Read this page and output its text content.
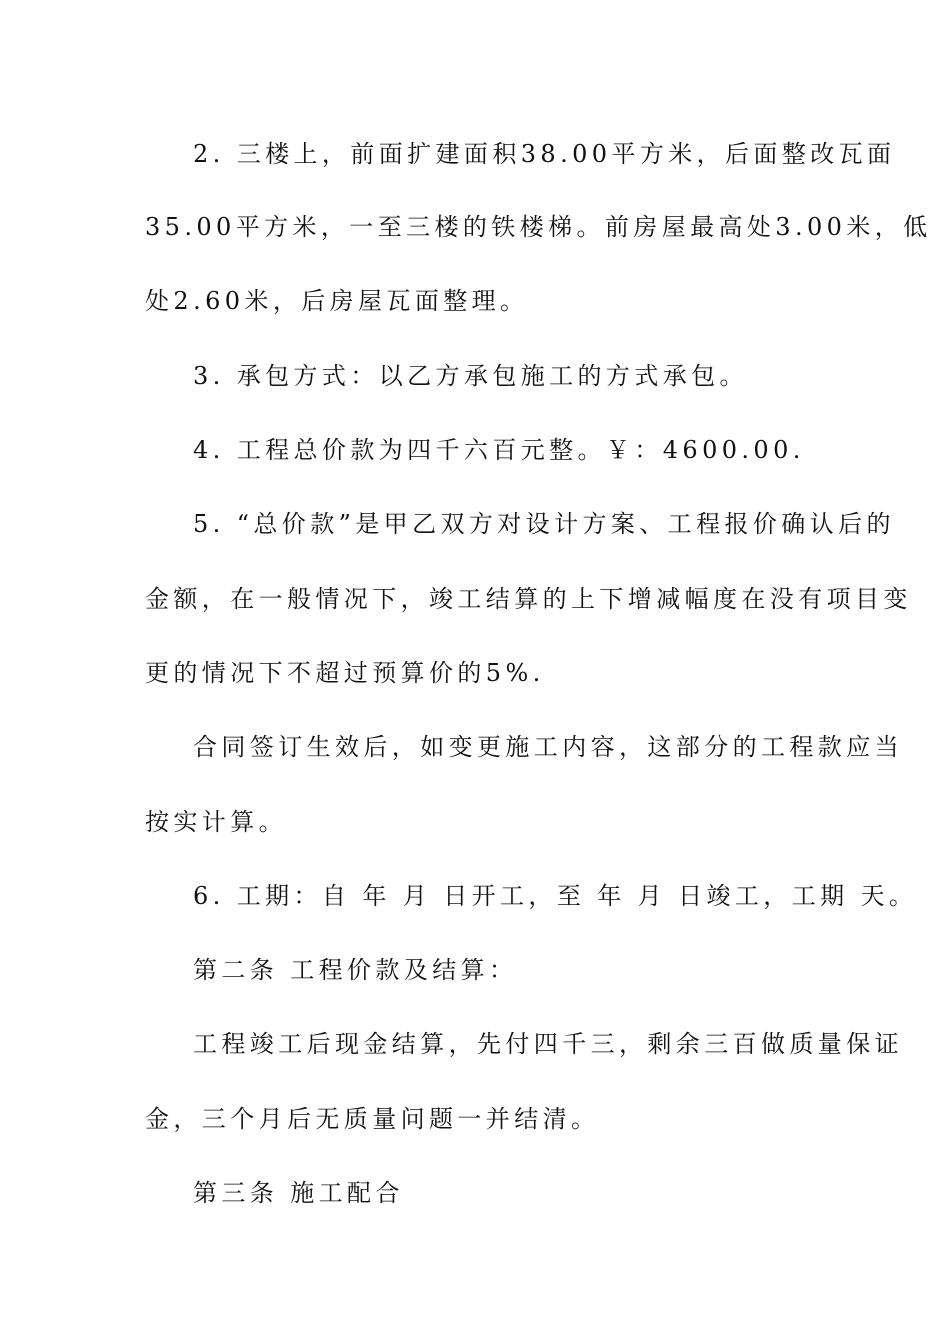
2. 三楼上，前面扩建面积38.00平方米，后面整改瓦面
35.00平方米，一至三楼的铁楼梯。前房屋最高处3.00米，低
处2.60米，后房屋瓦面整理。
3. 承包方式：以乙方承包施工的方式承包。
4. 工程总价款为四千六百元整。￥：4600.00.
5. “总价款”是甲乙双方对设计方案、工程报价确认后的
金额，在一般情况下，竣工结算的上下增减幅度在没有项目变
更的情况下不超过预算价的5%.
合同签订生效后，如变更施工内容，这部分的工程款应当
按实计算。
6. 工期：自 年 月 日开工，至 年 月 日竣工，工期 天。
第二条 工程价款及结算：
工程竣工后现金结算，先付四千三，剩余三百做质量保证
金，三个月后无质量问题一并结清。
第三条 施工配合
